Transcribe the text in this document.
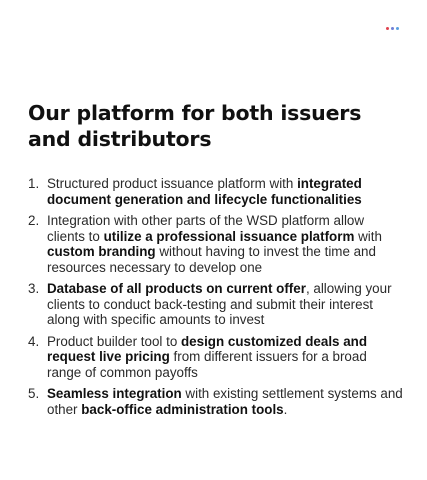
Our platform for both issuers and distributors
1. Structured product issuance platform with integrated document generation and lifecycle functionalities
2. Integration with other parts of the WSD platform allow clients to utilize a professional issuance platform with custom branding without having to invest the time and resources necessary to develop one
3. Database of all products on current offer, allowing your clients to conduct back-testing and submit their interest along with specific amounts to invest
4. Product builder tool to design customized deals and request live pricing from different issuers for a broad range of common payoffs
5. Seamless integration with existing settlement systems and other back-office administration tools.
